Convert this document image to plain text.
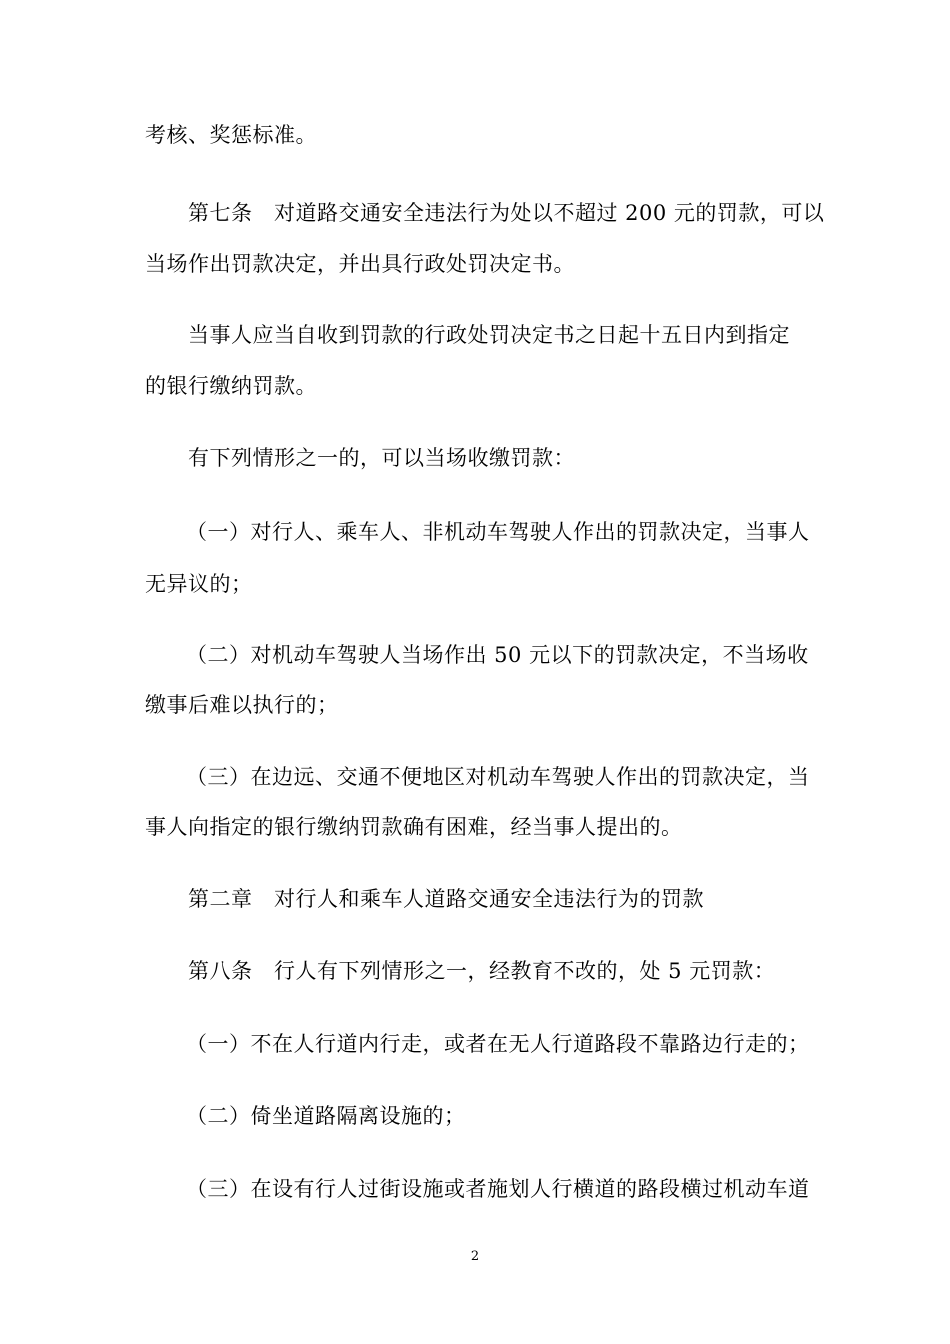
考核、奖惩标准。
第七条　对道路交通安全违法行为处以不超过 200 元的罚款，可以
当场作出罚款决定，并出具行政处罚决定书。
当事人应当自收到罚款的行政处罚决定书之日起十五日内到指定
的银行缴纳罚款。
有下列情形之一的，可以当场收缴罚款：
（一）对行人、乘车人、非机动车驾驶人作出的罚款决定，当事人
无异议的；
（二）对机动车驾驶人当场作出 50 元以下的罚款决定，不当场收
缴事后难以执行的；
（三）在边远、交通不便地区对机动车驾驶人作出的罚款决定，当
事人向指定的银行缴纳罚款确有困难，经当事人提出的。
第二章　对行人和乘车人道路交通安全违法行为的罚款
第八条　行人有下列情形之一，经教育不改的，处 5 元罚款：
（一）不在人行道内行走，或者在无人行道路段不靠路边行走的；
（二）倚坐道路隔离设施的；
（三）在设有行人过街设施或者施划人行横道的路段横过机动车道
2
